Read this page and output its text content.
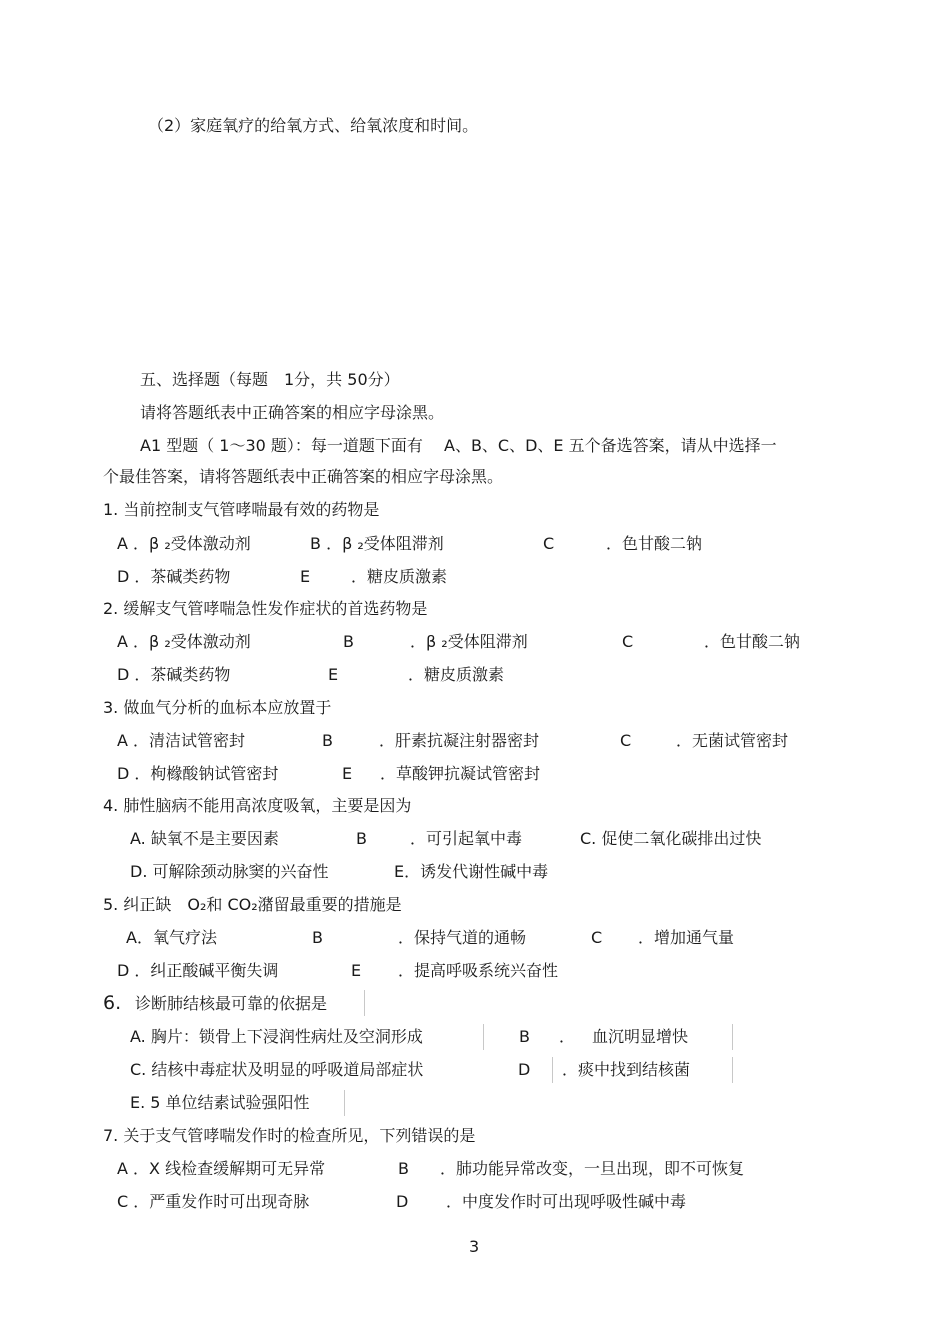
（2）家庭氧疗的给氧方式、给氧浓度和时间。
五、选择题（每题　1分，共 50分）
请将答题纸表中正确答案的相应字母涂黑。
A1 型题（ 1～30 题）：每一道题下面有　 A、B、C、D、E 五个备选答案，请从中选择一
个最佳答案，请将答题纸表中正确答案的相应字母涂黑。
1. 当前控制支气管哮喘最有效的药物是
A ．β ₂受体激动剂	B ．β ₂受体阻滞剂	C	．色甘酸二钠
D ．茶碱类药物	E	．糖皮质激素
2. 缓解支气管哮喘急性发作症状的首选药物是
A ．β ₂受体激动剂	B	．β ₂受体阻滞剂	C	．色甘酸二钠
D ．茶碱类药物	E	．糖皮质激素
3. 做血气分析的血标本应放置于
A ．清洁试管密封	B	．肝素抗凝注射器密封	C	．无菌试管密封
D ．枸橼酸钠试管密封	E ．草酸钾抗凝试管密封
4. 肺性脑病不能用高浓度吸氧，主要是因为
A. 缺氧不是主要因素	B	．可引起氧中毒	C. 促使二氧化碳排出过快
D. 可解除颈动脉窦的兴奋性	E．诱发代谢性碱中毒
5. 纠正缺　O₂和 CO₂潴留最重要的措施是
A．氧气疗法	B	．保持气道的通畅	C ．增加通气量
D ．纠正酸碱平衡失调	E ．提高呼吸系统兴奋性
6. 诊断肺结核最可靠的依据是
A. 胸片：锁骨上下浸润性病灶及空洞形成	B ． 血沉明显增快
C. 结核中毒症状及明显的呼吸道局部症状	D ．痰中找到结核菌
E. 5 单位结素试验强阳性
7. 关于支气管哮喘发作时的检查所见，下列错误的是
A ．X 线检查缓解期可无异常	B ．肺功能异常改变，一旦出现，即不可恢复
C ．严重发作时可出现奇脉	D ．中度发作时可出现呼吸性碱中毒
3
